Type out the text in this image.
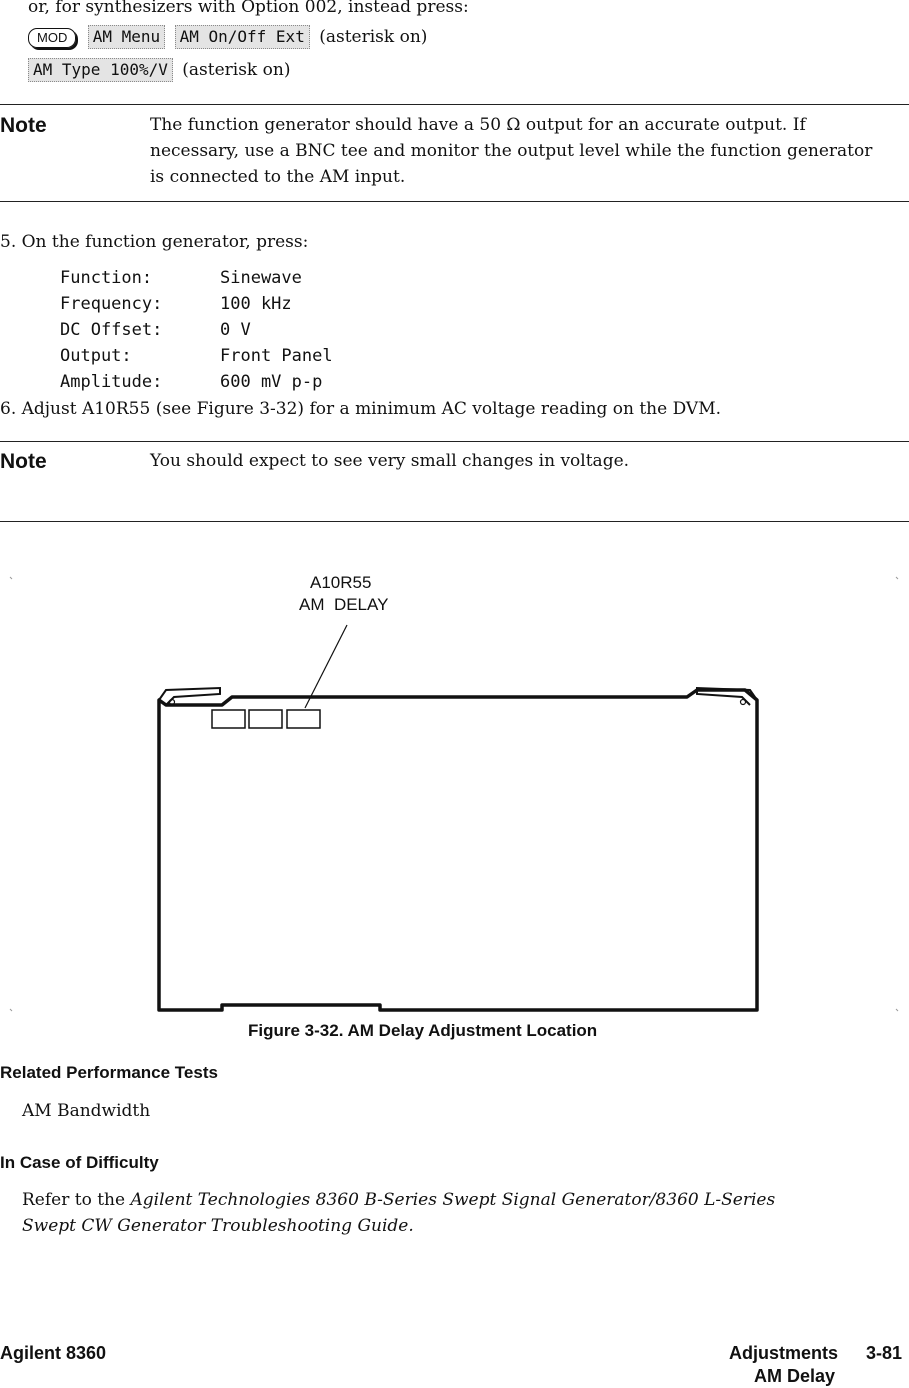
or, for synthesizers with Option 002, instead press:
MOD AM Menu AM On/Off Ext (asterisk on)
AM Type 100%/V (asterisk on)
Note	The function generator should have a 50 Ω output for an accurate output. If necessary, use a BNC tee and monitor the output level while the function generator is connected to the AM input.
5. On the function generator, press:
Function:	Sinewave
Frequency:	100 kHz
DC Offset:	0 V
Output:	Front Panel
Amplitude:	600 mV p-p
6. Adjust A10R55 (see Figure 3-32) for a minimum AC voltage reading on the DVM.
Note	You should expect to see very small changes in voltage.
A10R55
AM  DELAY
Figure 3-32. AM Delay Adjustment Location
Related Performance Tests
AM Bandwidth
In Case of Difficulty
Refer to the Agilent Technologies 8360 B-Series Swept Signal Generator/8360 L-Series
Swept CW Generator Troubleshooting Guide.
Agilent 8360	Adjustments 3-81
AM Delay
